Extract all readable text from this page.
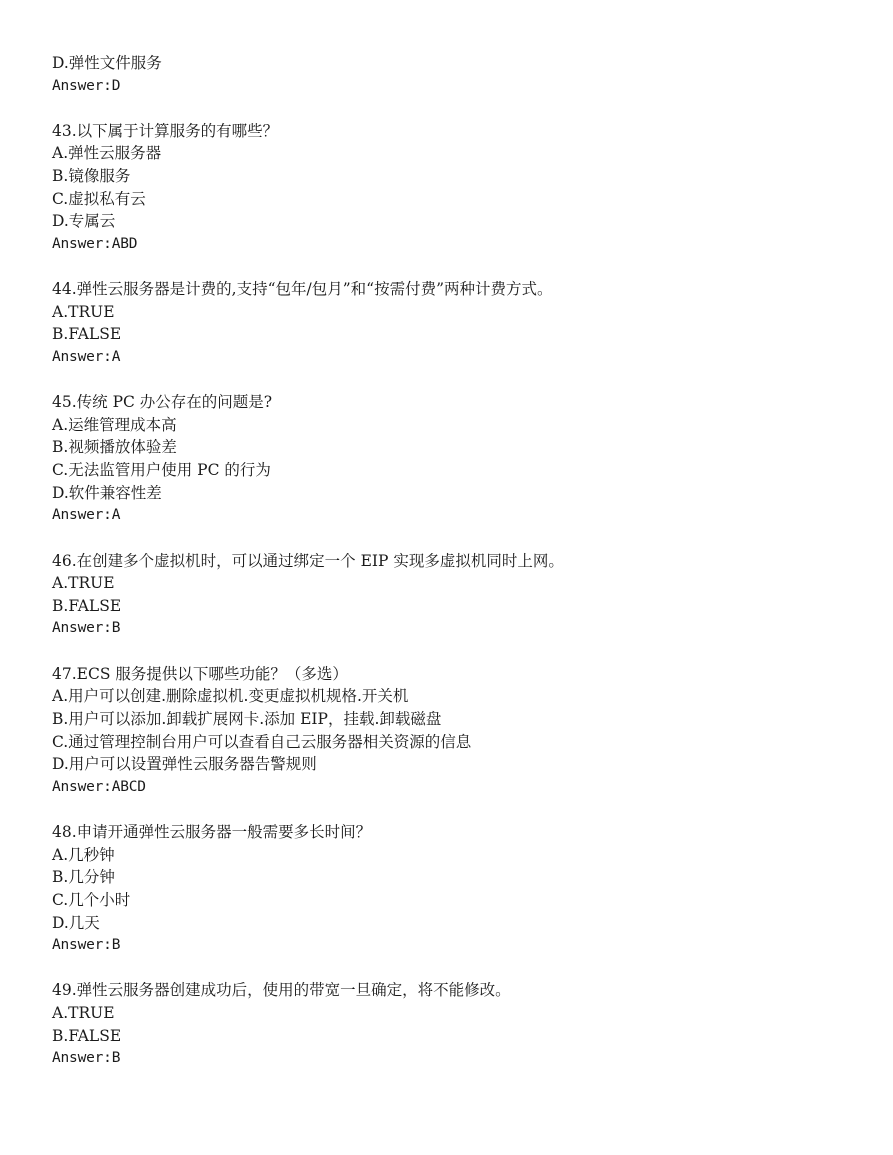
D.弹性文件服务
Answer:D
43.以下属于计算服务的有哪些？
A.弹性云服务器
B.镜像服务
C.虚拟私有云
D.专属云
Answer:ABD
44.弹性云服务器是计费的,支持“包年/包月”和“按需付费”两种计费方式。
A.TRUE
B.FALSE
Answer:A
45.传统 PC 办公存在的问题是?
A.运维管理成本高
B.视频播放体验差
C.无法监管用户使用 PC 的行为
D.软件兼容性差
Answer:A
46.在创建多个虚拟机时，可以通过绑定一个 EIP 实现多虚拟机同时上网。
A.TRUE
B.FALSE
Answer:B
47.ECS 服务提供以下哪些功能？（多选）
A.用户可以创建.删除虚拟机.变更虚拟机规格.开关机
B.用户可以添加.卸载扩展网卡.添加 EIP，挂载.卸载磁盘
C.通过管理控制台用户可以查看自己云服务器相关资源的信息
D.用户可以设置弹性云服务器告警规则
Answer:ABCD
48.申请开通弹性云服务器一般需要多长时间？
A.几秒钟
B.几分钟
C.几个小时
D.几天
Answer:B
49.弹性云服务器创建成功后，使用的带宽一旦确定，将不能修改。
A.TRUE
B.FALSE
Answer:B
